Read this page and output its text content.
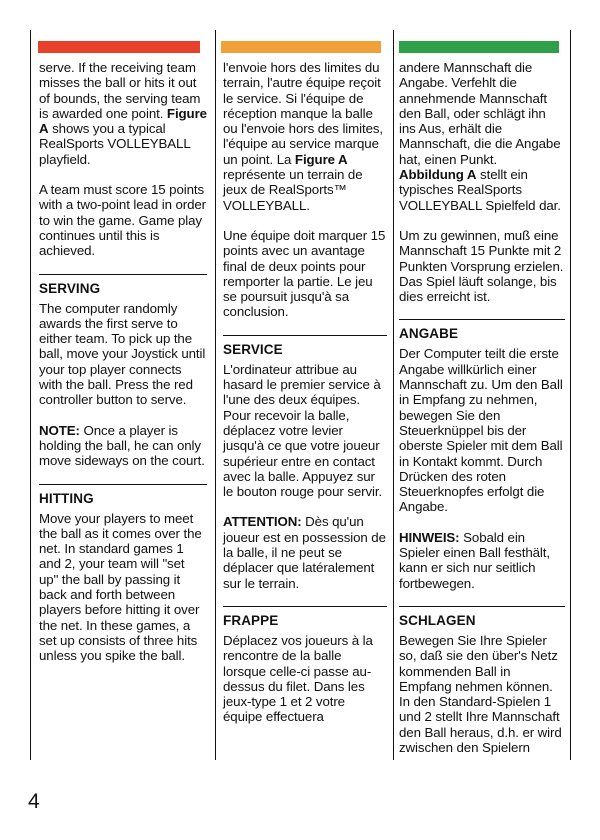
serve. If the receiving team misses the ball or hits it out of bounds, the serving team is awarded one point. Figure A shows you a typical RealSports VOLLEYBALL playfield.

A team must score 15 points with a two-point lead in order to win the game. Game play continues until this is achieved.

SERVING

The computer randomly awards the first serve to either team. To pick up the ball, move your Joystick until your top player connects with the ball. Press the red controller button to serve.

NOTE: Once a player is holding the ball, he can only move sideways on the court.

HITTING

Move your players to meet the ball as it comes over the net. In standard games 1 and 2, your team will "set up" the ball by passing it back and forth between players before hitting it over the net. In these games, a set up consists of three hits unless you spike the ball.

l'envoie hors des limites du terrain, l'autre équipe reçoit le service. Si l'équipe de réception manque la balle ou l'envoie hors des limites, l'équipe au service marque un point. La Figure A représente un terrain de jeux de RealSports™ VOLLEYBALL.

Une équipe doit marquer 15 points avec un avantage final de deux points pour remporter la partie. Le jeu se poursuit jusqu'à sa conclusion.

SERVICE

L'ordinateur attribue au hasard le premier service à l'une des deux équipes. Pour recevoir la balle, déplacez votre levier jusqu'à ce que votre joueur supérieur entre en contact avec la balle. Appuyez sur le bouton rouge pour servir.

ATTENTION: Dès qu'un joueur est en possession de la balle, il ne peut se déplacer que latéralement sur le terrain.

FRAPPE

Déplacez vos joueurs à la rencontre de la balle lorsque celle-ci passe au-dessus du filet. Dans les jeux-type 1 et 2 votre équipe effectuera

andere Mannschaft die Angabe. Verfehlt die annehmende Mannschaft den Ball, oder schlägt ihn ins Aus, erhält die Mannschaft, die die Angabe hat, einen Punkt. Abbildung A stellt ein typisches RealSports VOLLEYBALL Spielfeld dar.

Um zu gewinnen, muß eine Mannschaft 15 Punkte mit 2 Punkten Vorsprung erzielen. Das Spiel läuft solange, bis dies erreicht ist.

ANGABE

Der Computer teilt die erste Angabe willkürlich einer Mannschaft zu. Um den Ball in Empfang zu nehmen, bewegen Sie den Steuerknüppel bis der oberste Spieler mit dem Ball in Kontakt kommt. Durch Drücken des roten Steuerknopfes erfolgt die Angabe.

HINWEIS: Sobald ein Spieler einen Ball festhält, kann er sich nur seitlich fortbewegen.

SCHLAGEN

Bewegen Sie Ihre Spieler so, daß sie den über's Netz kommenden Ball in Empfang nehmen können. In den Standard-Spielen 1 und 2 stellt Ihre Mannschaft den Ball heraus, d.h. er wird zwischen den Spielern

4
